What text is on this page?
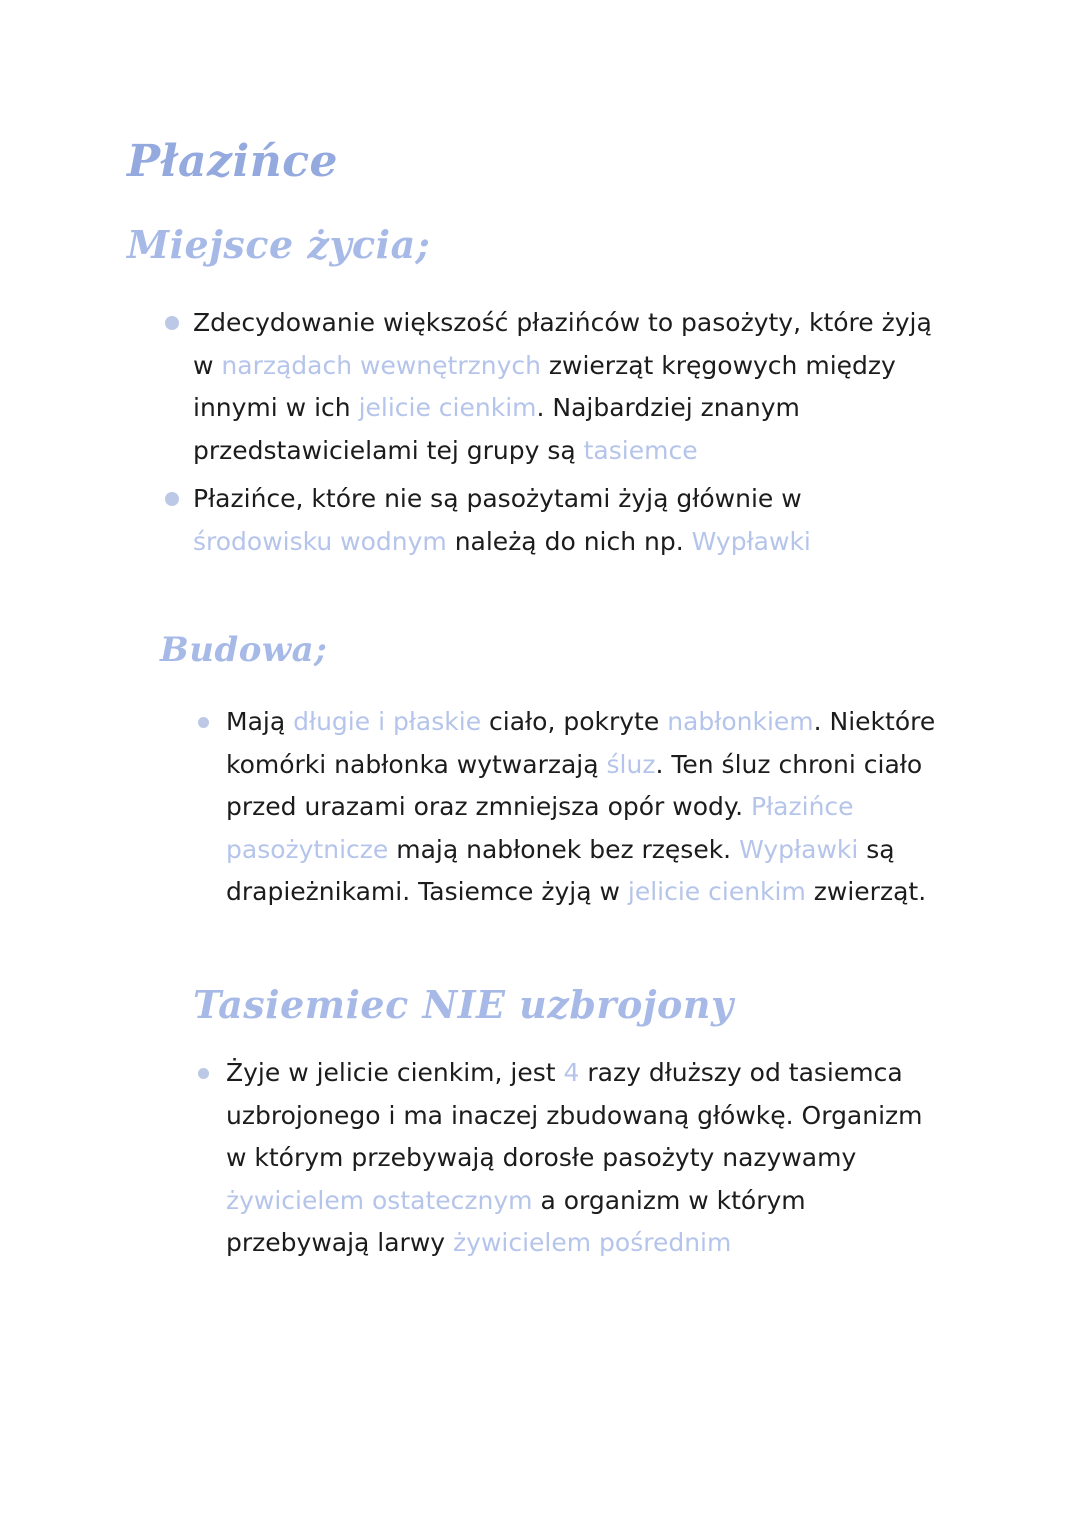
Płazińce
Miejsce życia;
Zdecydowanie większość płazińców to pasożyty, które żyją w narządach wewnętrznych zwierząt kręgowych między innymi w ich jelicie cienkim. Najbardziej znanym przedstawicielami tej grupy są tasiemce
Płazińce, które nie są pasożytami żyją głównie w środowisku wodnym należą do nich np. Wypławki
Budowa;
Mają długie i płaskie ciało, pokryte nabłonkiem. Niektóre komórki nabłonka wytwarzają śluz. Ten śluz chroni ciało przed urazami oraz zmniejsza opór wody. Płazińce pasożytnicze mają nabłonek bez rzęsek. Wypławki są drapieżnikami. Tasiemce żyją w jelicie cienkim zwierząt.
Tasiemiec NIE uzbrojony
Żyje w jelicie cienkim, jest 4 razy dłuższy od tasiemca uzbrojonego i ma inaczej zbudowaną główkę. Organizm w którym przebywają dorosłe pasożyty nazywamy żywicielem ostatecznym a organizm w którym przebywają larwy żywicielem pośrednim
